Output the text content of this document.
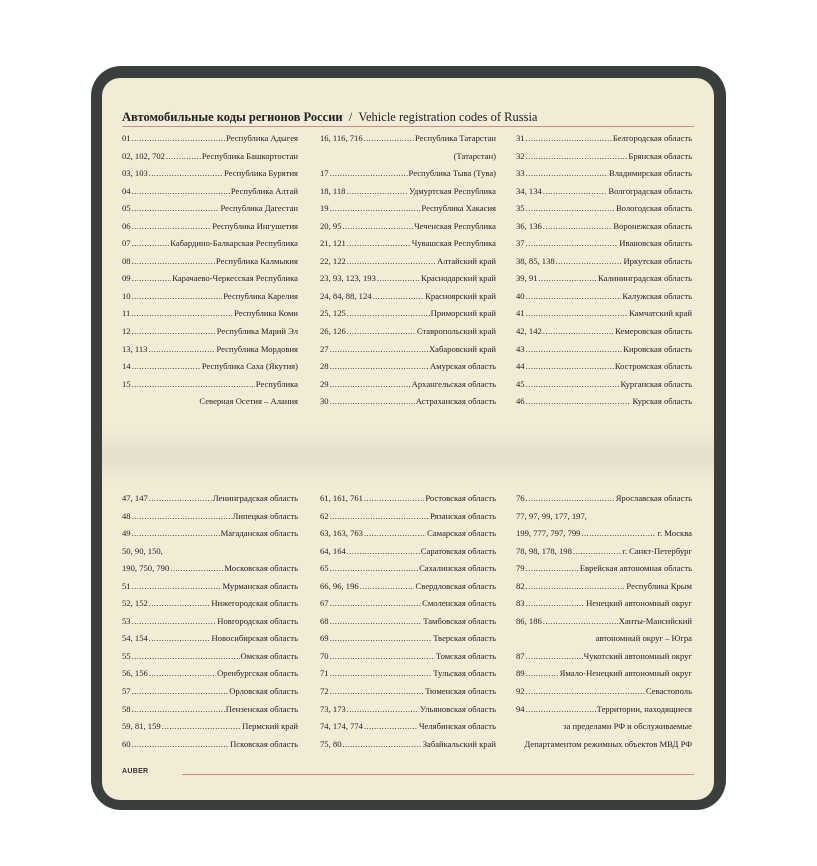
Автомобильные коды регионов России / Vehicle registration codes of Russia
01 .....	Республика Адыгея
02, 102, 702 .....	Республика Башкортостан
03, 103 .....	Республика Бурятия
04 .....	Республика Алтай
05 .....	Республика Дагестан
06 .....	Республика Ингушетия
07 .....	Кабардино-Балкарская Республика
08 .....	Республика Калмыкия
09 .....	Карачаево-Черкесская Республика
10 .....	Республика Карелия
11 .....	Республика Коми
12 .....	Республика Марий Эл
13, 113 .....	Республика Мордовия
14 .....	Республика Саха (Якутия)
15 .....	Республика
Северная Осетия – Алания
16, 116, 716 .....	Республика Татарстан
(Татарстан)
17 .....	Республика Тыва (Тува)
18, 118 .....	Удмуртская Республика
19 .....	Республика Хакасия
20, 95 .....	Чеченская Республика
21, 121 .....	Чувашская Республика
22, 122 .....	Алтайский край
23, 93, 123, 193 .....	Краснодарский край
24, 84, 88, 124 .....	Красноярский край
25, 125 .....	Приморский край
26, 126 .....	Ставропольский край
27 .....	Хабаровский край
28 .....	Амурская область
29 .....	Архангельская область
30 .....	Астраханская область
31 .....	Белгородская область
32 .....	Брянская область
33 .....	Владимирская область
34, 134 .....	Волгоградская область
35 .....	Вологодская область
36, 136 .....	Воронежская область
37 .....	Ивановская область
38, 85, 138 .....	Иркутская область
39, 91 .....	Калининградская область
40 .....	Калужская область
41 .....	Камчатский край
42, 142 .....	Кемеровская область
43 .....	Кировская область
44 .....	Костромская область
45 .....	Курганская область
46 .....	Курская область
47, 147 .....	Ленинградская область
48 .....	Липецкая область
49 .....	Магаданская область
50, 90, 150,
190, 750, 790 .....	Московская область
51 .....	Мурманская область
52, 152 .....	Нижегородская область
53 .....	Новгородская область
54, 154 .....	Новосибирская область
55 .....	Омская область
56, 156 .....	Оренбургская область
57 .....	Орловская область
58 .....	Пензенская область
59, 81, 159 .....	Пермский край
60 .....	Псковская область
61, 161, 761 .....	Ростовская область
62 .....	Рязанская область
63, 163, 763 .....	Самарская область
64, 164 .....	Саратовская область
65 .....	Сахалинская область
66, 96, 196 .....	Свердловская область
67 .....	Смоленская область
68 .....	Тамбовская область
69 .....	Тверская область
70 .....	Томская область
71 .....	Тульская область
72 .....	Тюменская область
73, 173 .....	Ульяновская область
74, 174, 774 .....	Челябинская область
75, 80 .....	Забайкальский край
76 .....	Ярославская область
77, 97, 99, 177, 197,
199, 777, 797, 799 .....	г. Москва
78, 98, 178, 198 .....	г. Санкт-Петербург
79 .....	Еврейская автономная область
82 .....	Республика Крым
83 .....	Ненецкий автономный округ
86, 186 .....	Ханты-Мансийский
автономный округ – Югра
87 .....	Чукотский автономный округ
89 .....	Ямало-Ненецкий автономный округ
92 .....	Севастополь
94 .....	Территории, находящиеся
за пределами РФ и обслуживаемые
Департаментом режимных объектов МВД РФ
AUBER
